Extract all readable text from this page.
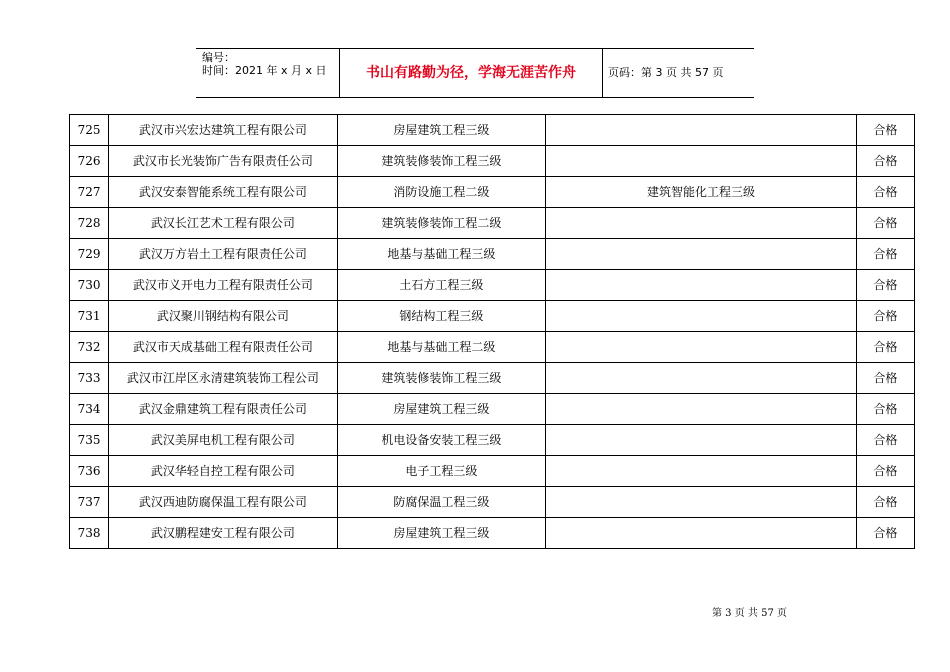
编号：
时间：2021 年 x 月 x 日	书山有路勤为径，学海无涯苦作舟	页码：第 3 页 共 57 页
725	武汉市兴宏达建筑工程有限公司	房屋建筑工程三级		合格
726	武汉市长光装饰广告有限责任公司	建筑装修装饰工程三级		合格
727	武汉安泰智能系统工程有限公司	消防设施工程二级	建筑智能化工程三级	合格
728	武汉长江艺术工程有限公司	建筑装修装饰工程二级		合格
729	武汉万方岩土工程有限责任公司	地基与基础工程三级		合格
730	武汉市义开电力工程有限责任公司	土石方工程三级		合格
731	武汉聚川钢结构有限公司	钢结构工程三级		合格
732	武汉市天成基础工程有限责任公司	地基与基础工程二级		合格
733	武汉市江岸区永清建筑装饰工程公司	建筑装修装饰工程三级		合格
734	武汉金鼎建筑工程有限责任公司	房屋建筑工程三级		合格
735	武汉美屏电机工程有限公司	机电设备安装工程三级		合格
736	武汉华轻自控工程有限公司	电子工程三级		合格
737	武汉西迪防腐保温工程有限公司	防腐保温工程三级		合格
738	武汉鹏程建安工程有限公司	房屋建筑工程三级		合格
第 3 页 共 57 页
